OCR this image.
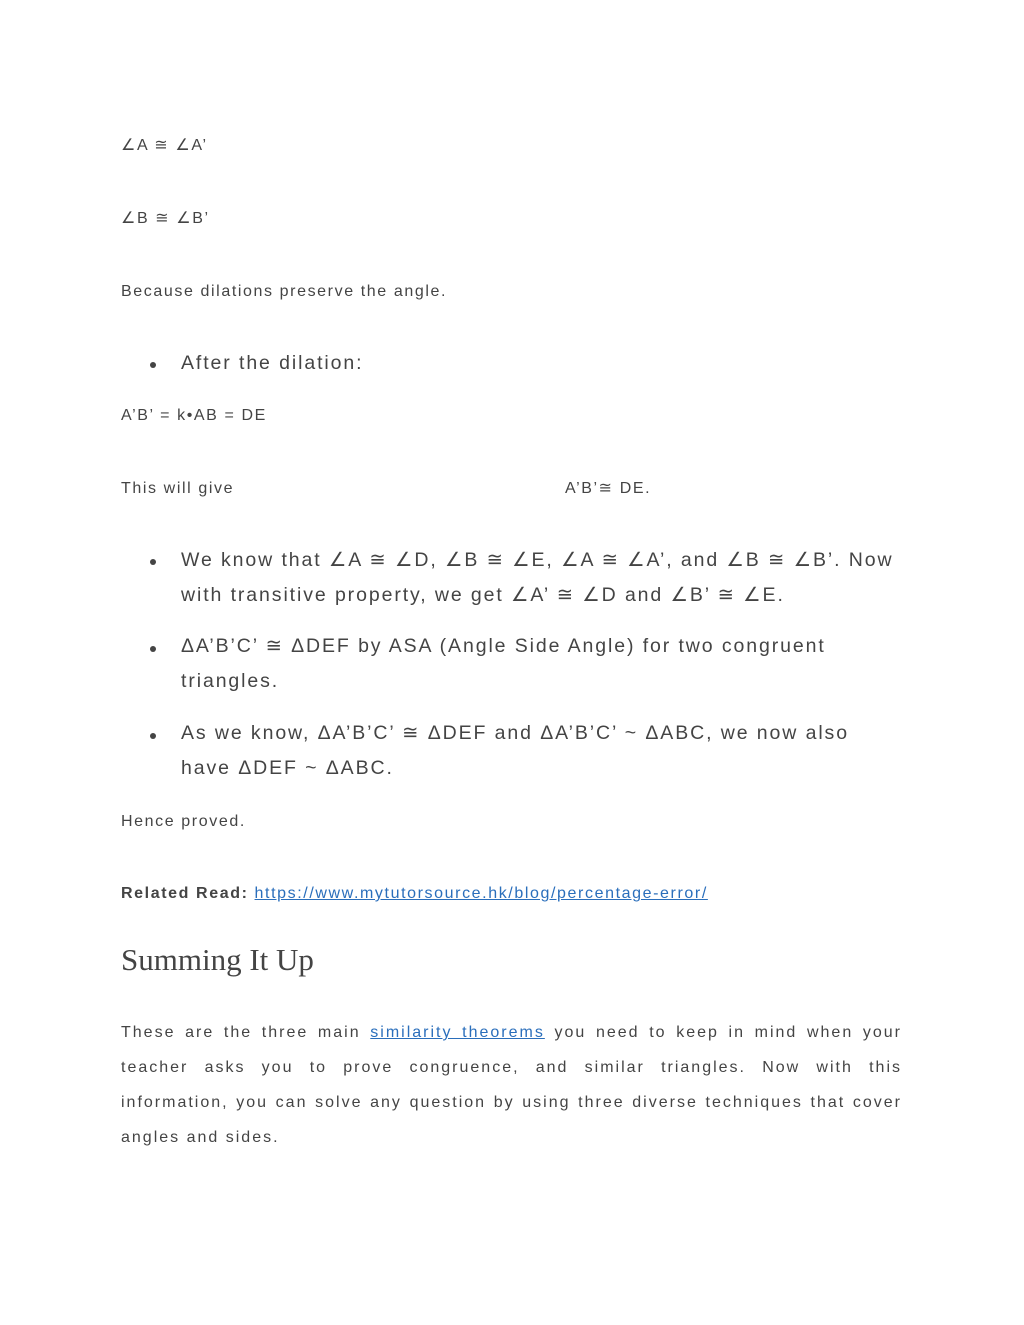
∠A ≅ ∠A’
∠B ≅ ∠B’
Because dilations preserve the angle.
After the dilation:
A’B’ = k•AB = DE
This will give	A’B’≅ DE.
We know that ∠A ≅ ∠D, ∠B ≅ ∠E, ∠A ≅ ∠A’, and ∠B ≅ ∠B’. Now with transitive property, we get ∠A’ ≅ ∠D and ∠B’ ≅ ∠E.
ΔA’B’C’ ≅ ΔDEF by ASA (Angle Side Angle) for two congruent triangles.
As we know, ΔA’B’C’ ≅ ΔDEF and ΔA’B’C’ ~ ΔABC, we now also have ΔDEF ~ ΔABC.
Hence proved.
Related Read: https://www.mytutorsource.hk/blog/percentage-error/
Summing It Up
These are the three main similarity theorems you need to keep in mind when your teacher asks you to prove congruence, and similar triangles. Now with this information, you can solve any question by using three diverse techniques that cover angles and sides.
